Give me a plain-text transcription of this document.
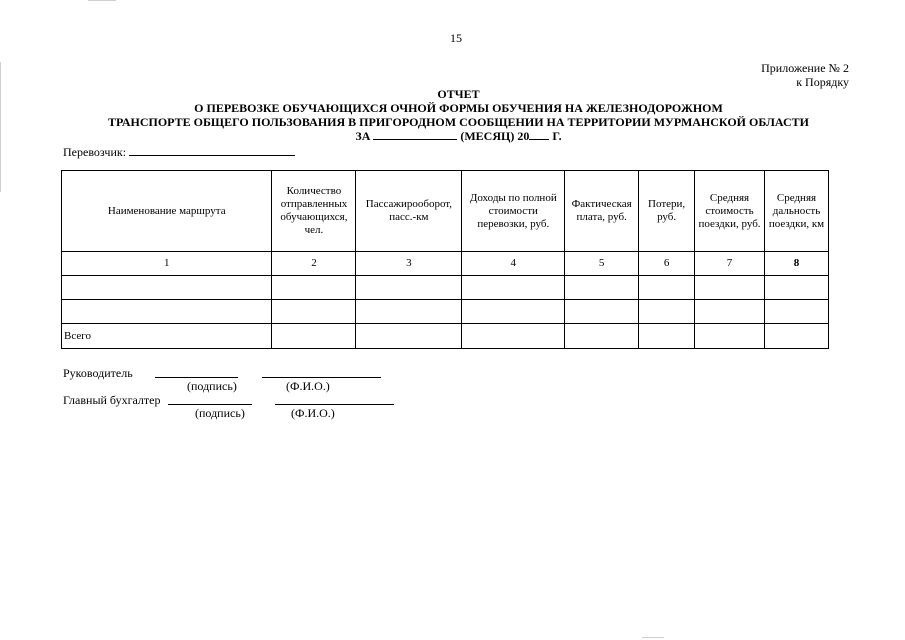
15
Приложение № 2
к Порядку
ОТЧЕТ
О ПЕРЕВОЗКЕ ОБУЧАЮЩИХСЯ ОЧНОЙ ФОРМЫ ОБУЧЕНИЯ НА ЖЕЛЕЗНОДОРОЖНОМ
ТРАНСПОРТЕ ОБЩЕГО ПОЛЬЗОВАНИЯ В ПРИГОРОДНОМ СООБЩЕНИИ НА ТЕРРИТОРИИ МУРМАНСКОЙ ОБЛАСТИ
ЗА	(МЕСЯЦ) 20 Г.
Перевозчик:
Наименование маршрута	Количество отправленных обучающихся, чел.	Пассажирооборот, пасс.-км	Доходы по полной стоимости перевозки, руб.	Фактическая плата, руб.	Потери, руб.	Средняя стоимость поездки, руб.	Средняя дальность поездки, км
1	2	3	4	5	6	7	8

Всего							
Руководитель
(подпись)	(Ф.И.О.)
Главный бухгалтер
(подпись)	(Ф.И.О.)
